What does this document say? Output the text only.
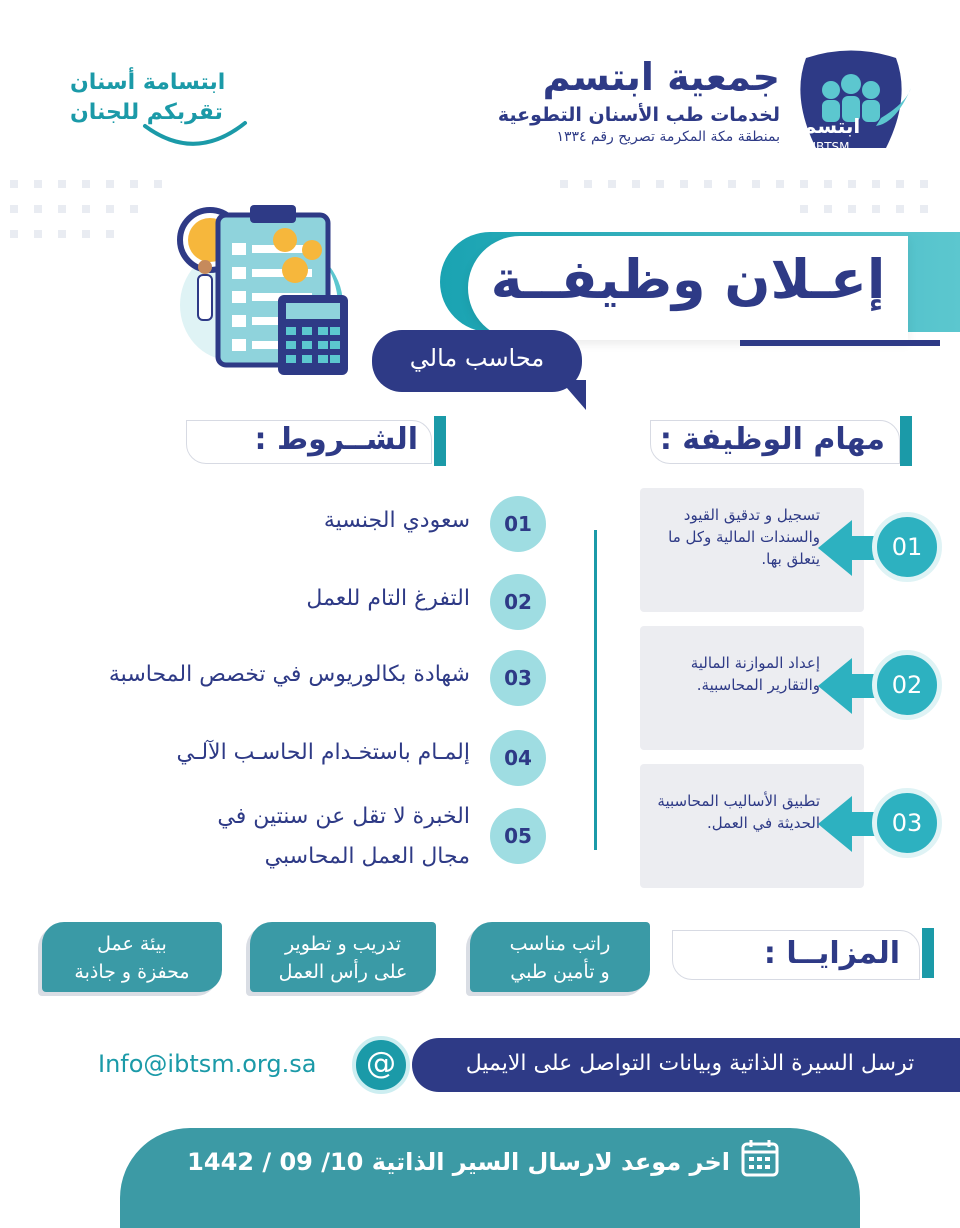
ابتسم
IBTSM
جمعية ابتسم
لخدمات طب الأسنان التطوعية
بمنطقة مكة المكرمة تصريح رقم ١٣٣٤
ابتسامة أسنان
تقربكم للجنان
إعـلان وظيفــة
محاسب مالي
مهام الوظيفة :
تسجيل و تدقيق القيود والسندات المالية وكل ما يتعلق بها.	01
إعداد الموازنة المالية والتقارير المحاسبية.	02
تطبيق الأساليب المحاسبية الحديثة في العمل.	03
الشــروط :
01
سعودي الجنسية
02
التفرغ التام للعمل
03
شهادة بكالوريوس في تخصص المحاسبة
04
إلمـام باستخـدام الحاسـب الآلـي
05
الخبرة لا تقل عن سنتين في
مجال العمل المحاسبي
المزايــا :
راتب مناسب
و تأمين طبي
تدريب و تطوير
على رأس العمل
بيئة عمل
محفزة و جاذبة
ترسل السيرة الذاتية وبيانات التواصل على الايميل
@
Info@ibtsm.org.sa
اخر موعد لارسال السير الذاتية 10/ 09 / 1442
